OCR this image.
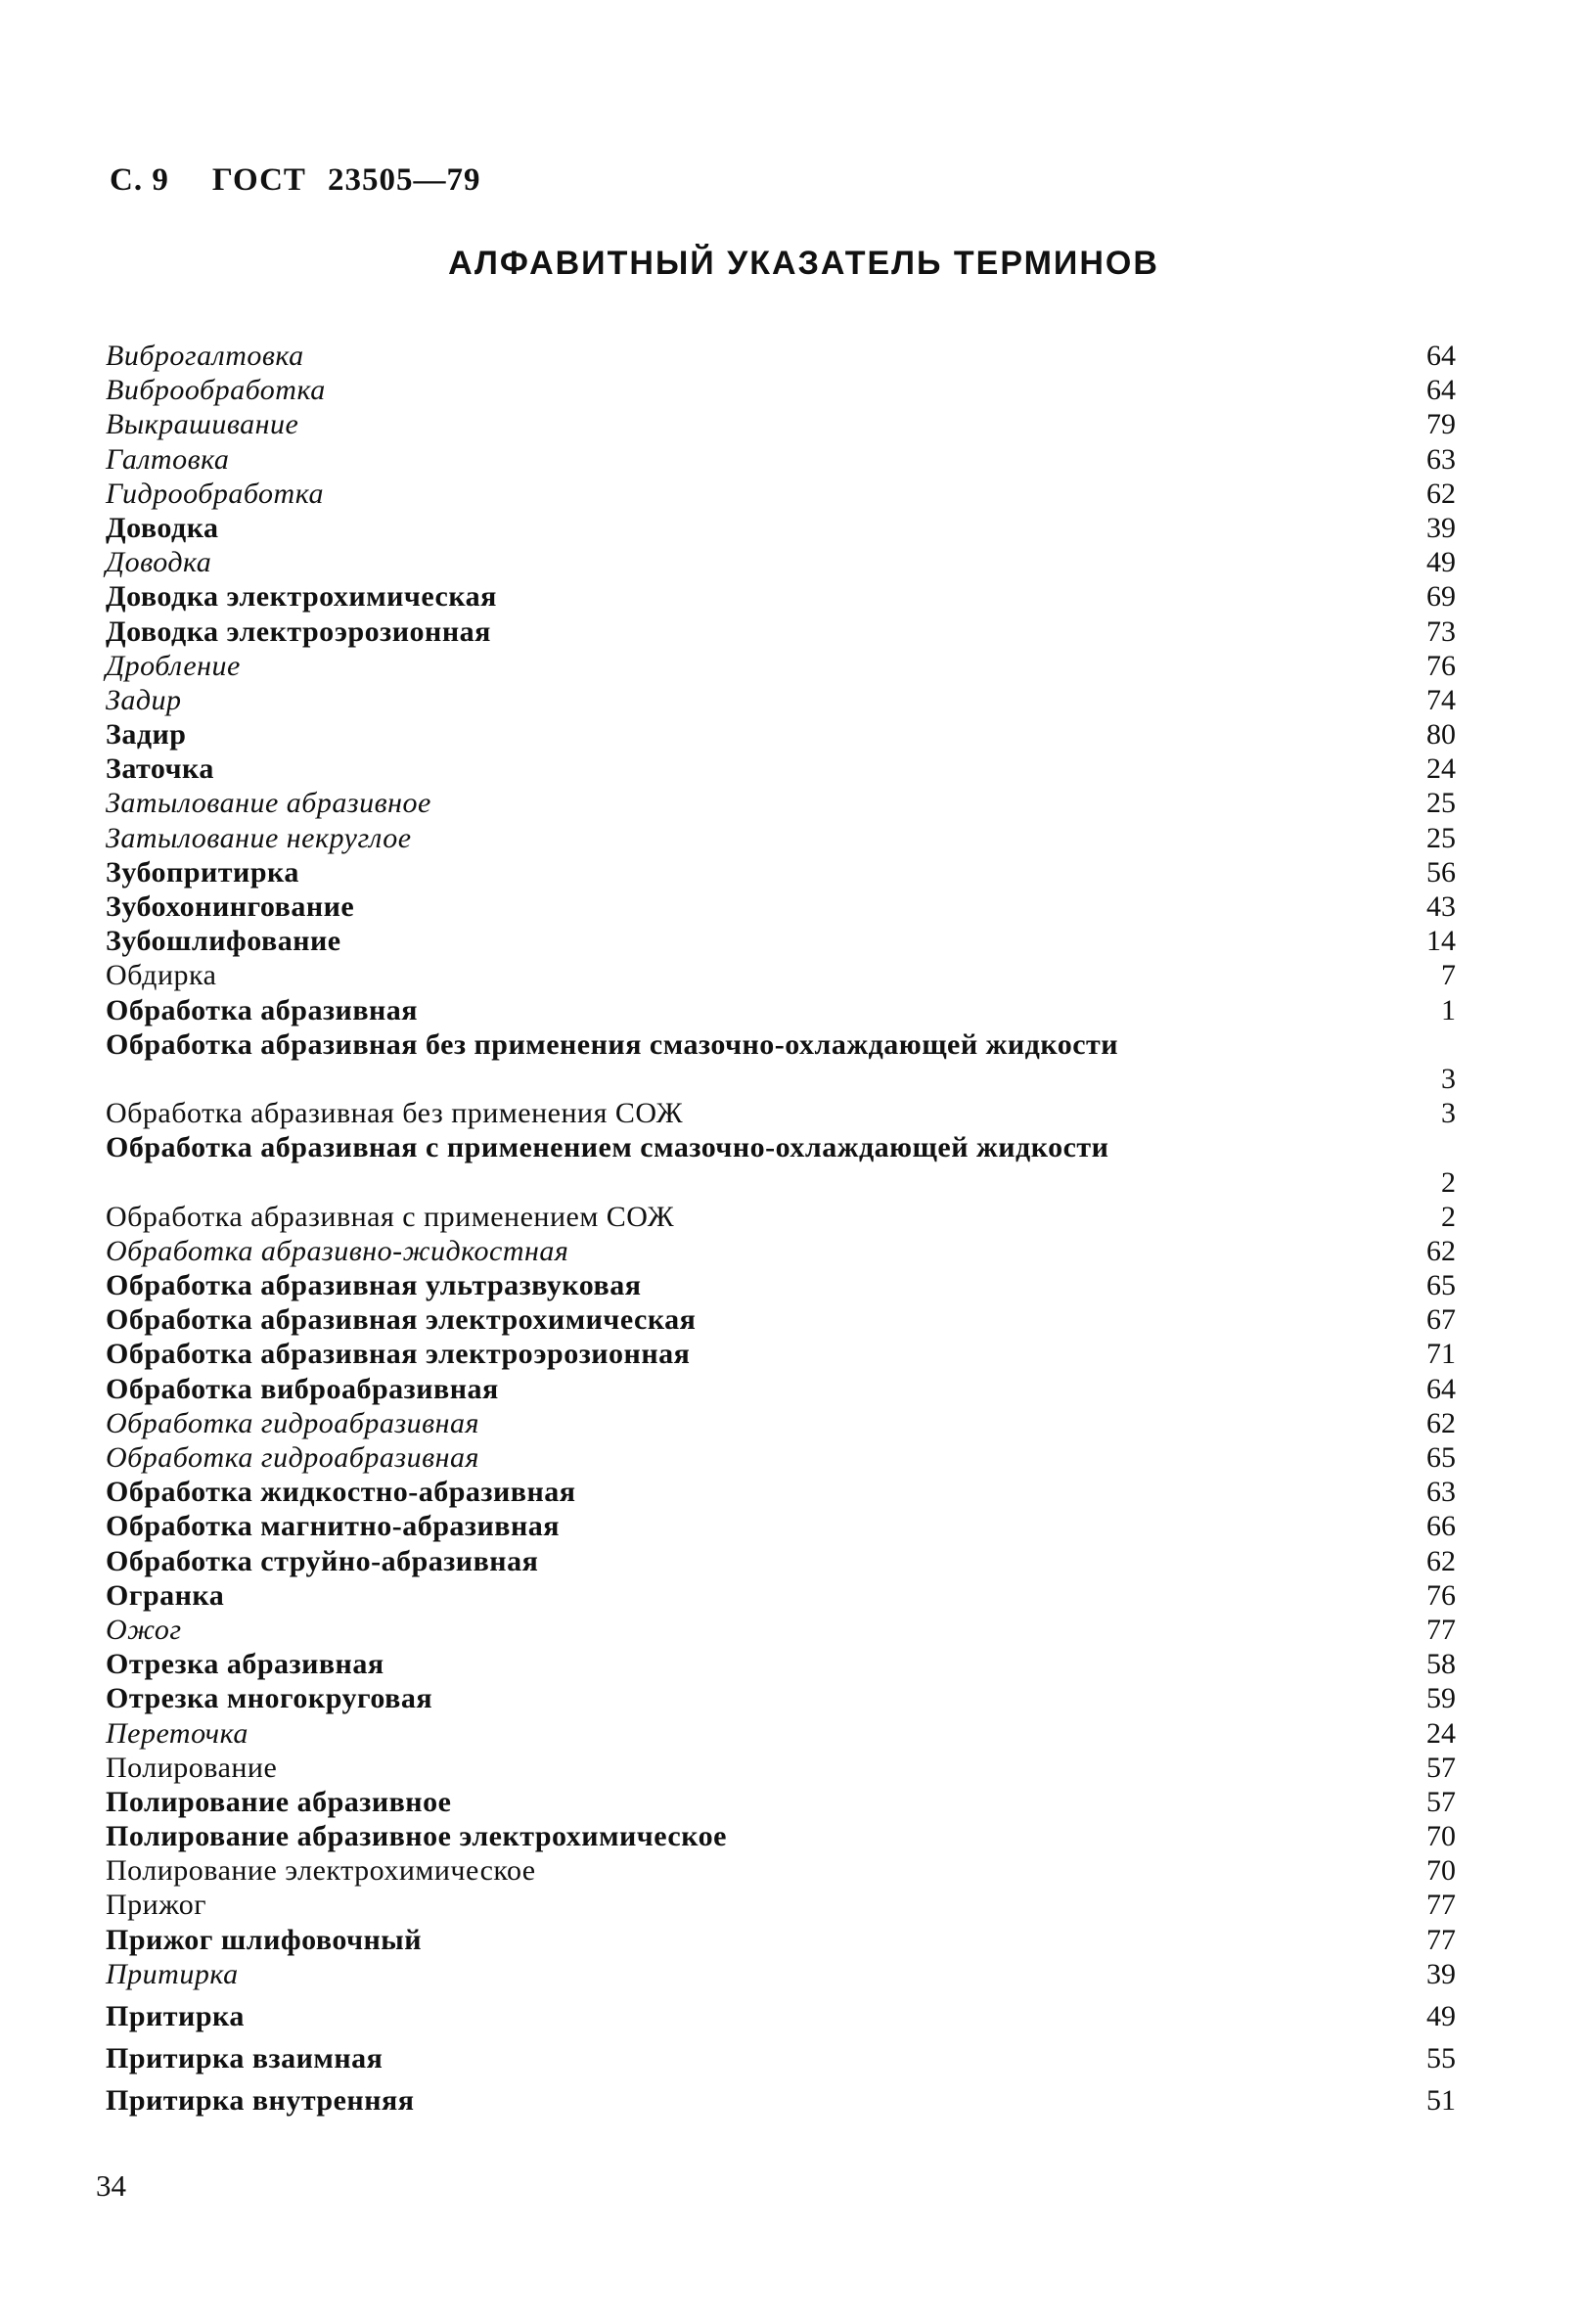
С. 9 ГОСТ 23505—79
АЛФАВИТНЫЙ УКАЗАТЕЛЬ ТЕРМИНОВ
Виброгалтовка	64
Виброобработка	64
Выкрашивание	79
Галтовка	63
Гидрообработка	62
Доводка	39
Доводка	49
Доводка электрохимическая	69
Доводка электроэрозионная	73
Дробление	76
Задир	74
Задир	80
Заточка	24
Затылование абразивное	25
Затылование некруглое	25
Зубопритирка	56
Зубохонингование	43
Зубошлифование	14
Обдирка	7
Обработка абразивная	1
Обработка абразивная без применения смазочно-охлаждающей жидкости
3
Обработка абразивная без применения СОЖ	3
Обработка абразивная с применением смазочно-охлаждающей жидкости
2
Обработка абразивная с применением СОЖ	2
Обработка абразивно-жидкостная	62
Обработка абразивная ультразвуковая	65
Обработка абразивная электрохимическая	67
Обработка абразивная электроэрозионная	71
Обработка виброабразивная	64
Обработка гидроабразивная	62
Обработка гидроабразивная	65
Обработка жидкостно-абразивная	63
Обработка магнитно-абразивная	66
Обработка струйно-абразивная	62
Огранка	76
Ожог	77
Отрезка абразивная	58
Отрезка многокруговая	59
Переточка	24
Полирование	57
Полирование абразивное	57
Полирование абразивное электрохимическое	70
Полирование электрохимическое	70
Прижог	77
Прижог шлифовочный	77
Притирка	39
Притирка	49
Притирка взаимная	55
Притирка внутренняя	51
34
